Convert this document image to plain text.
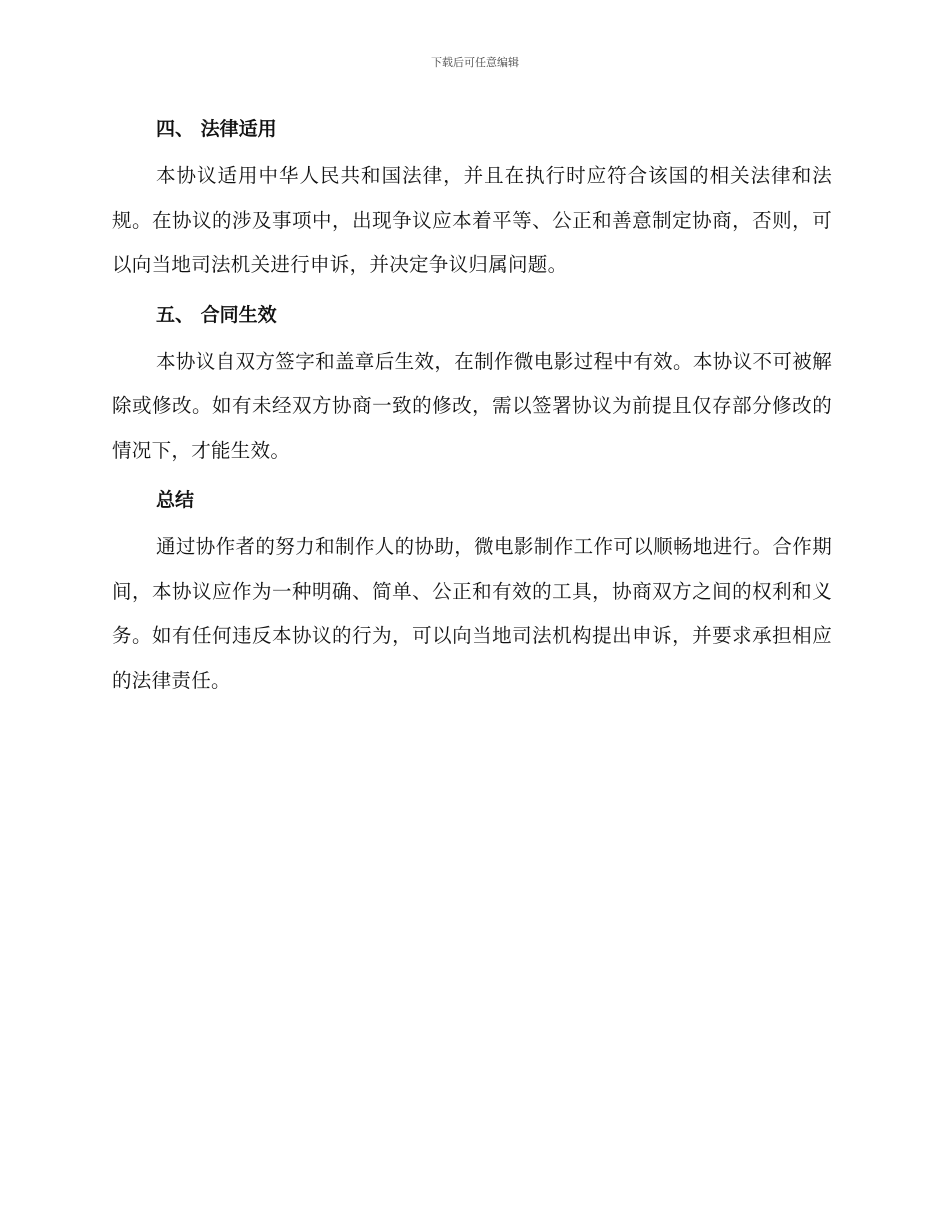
下载后可任意编辑
四、 法律适用

本协议适用中华人民共和国法律，并且在执行时应符合该国的相关法律和法规。在协议的涉及事项中，出现争议应本着平等、公正和善意制定协商，否则，可以向当地司法机关进行申诉，并决定争议归属问题。

五、 合同生效

本协议自双方签字和盖章后生效，在制作微电影过程中有效。本协议不可被解除或修改。如有未经双方协商一致的修改，需以签署协议为前提且仅存部分修改的情况下，才能生效。

总结

通过协作者的努力和制作人的协助，微电影制作工作可以顺畅地进行。合作期间，本协议应作为一种明确、简单、公正和有效的工具，协商双方之间的权利和义务。如有任何违反本协议的行为，可以向当地司法机构提出申诉，并要求承担相应的法律责任。
